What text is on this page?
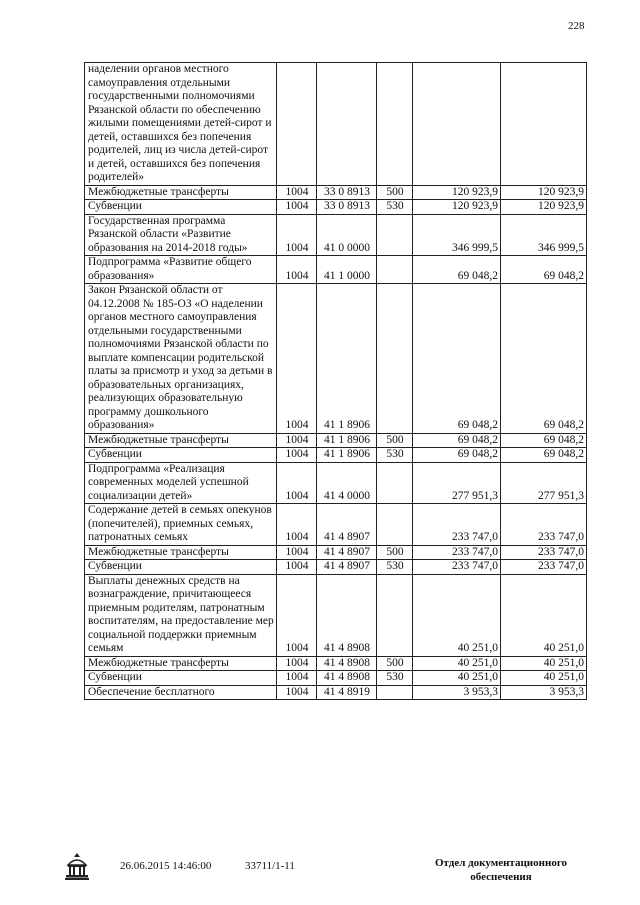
228
наделении органов местного самоуправления отдельными государственными полномочиями Рязанской области по обеспечению жилыми помещениями детей-сирот и детей, оставшихся без попечения родителей, лиц из числа детей-сирот и детей, оставшихся без попечения родителей»					
Межбюджетные трансферты	1004	33 0 8913	500	120 923,9	120 923,9
Субвенции	1004	33 0 8913	530	120 923,9	120 923,9
Государственная программа Рязанской области «Развитие образования на 2014-2018 годы»	1004	41 0 0000		346 999,5	346 999,5
Подпрограмма «Развитие общего образования»	1004	41 1 0000		69 048,2	69 048,2
Закон Рязанской области от 04.12.2008 № 185-ОЗ «О наделении органов местного самоуправления отдельными государственными полномочиями Рязанской области по выплате компенсации родительской платы за присмотр и уход за детьми в образовательных организациях, реализующих образовательную программу дошкольного образования»	1004	41 1 8906		69 048,2	69 048,2
Межбюджетные трансферты	1004	41 1 8906	500	69 048,2	69 048,2
Субвенции	1004	41 1 8906	530	69 048,2	69 048,2
Подпрограмма «Реализация современных моделей успешной социализации детей»	1004	41 4 0000		277 951,3	277 951,3
Содержание детей в семьях опекунов (попечителей), приемных семьях, патронатных семьях	1004	41 4 8907		233 747,0	233 747,0
Межбюджетные трансферты	1004	41 4 8907	500	233 747,0	233 747,0
Субвенции	1004	41 4 8907	530	233 747,0	233 747,0
Выплаты денежных средств на вознаграждение, причитающееся приемным родителям, патронатным воспитателям, на предоставление мер социальной поддержки приемным семьям	1004	41 4 8908		40 251,0	40 251,0
Межбюджетные трансферты	1004	41 4 8908	500	40 251,0	40 251,0
Субвенции	1004	41 4 8908	530	40 251,0	40 251,0
Обеспечение бесплатного	1004	41 4 8919		3 953,3	3 953,3
26.06.2015 14:46:00	33711/1-11	Отдел документационного
обеспечения
